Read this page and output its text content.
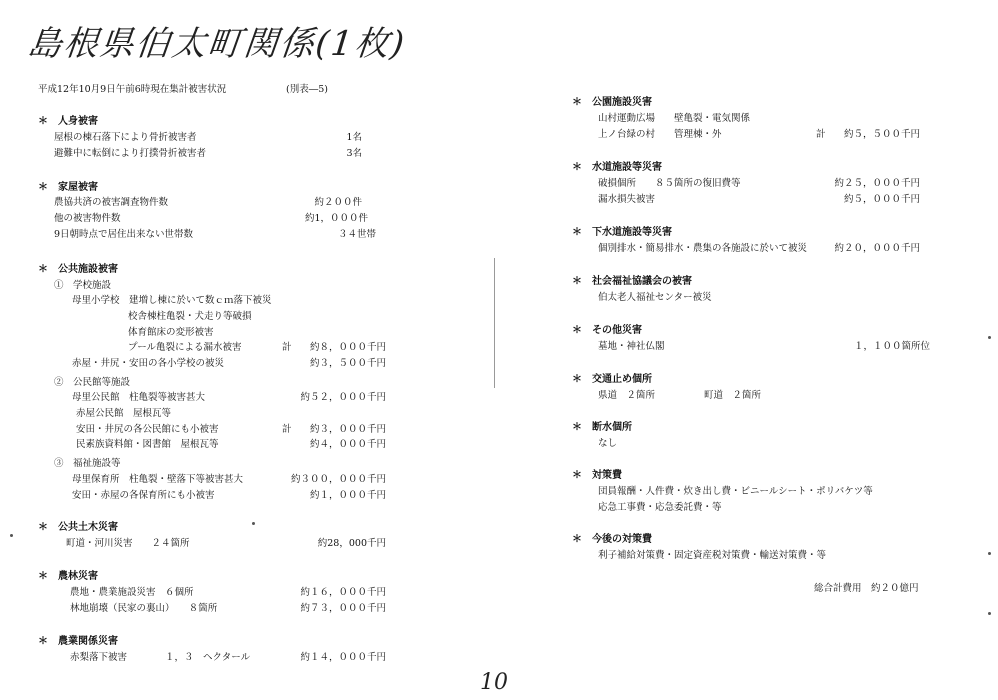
島根県伯太町関係(1枚)
10
平成12年10月9日午前6時現在集計被害状況	(別表―5)
＊　人身被害
屋根の棟石落下により骨折被害者	1名
避難中に転倒により打撲骨折被害者	3名
＊　家屋被害
農協共済の被害調査物件数	約２００件
他の被害物件数	約1，０００件
9日朝時点で居住出来ない世帯数	３４世帯
＊　公共施設被害
①　学校施設
母里小学校　建増し棟に於いて数ｃｍ落下被災
校舎棟柱亀裂・犬走り等破損
体育館床の変形被害
プール亀裂による漏水被害	計	約８，０００千円
赤屋・井尻・安田の各小学校の被災	約３，５００千円
②　公民館等施設
母里公民館　柱亀裂等被害甚大	約５２，０００千円
赤屋公民館　屋根瓦等
安田・井尻の各公民館にも小被害	計	約３，０００千円
民素族資料館・図書館　屋根瓦等	約４，０００千円
③　福祉施設等
母里保育所　柱亀裂・壁落下等被害甚大	約３００，０００千円
安田・赤屋の各保育所にも小被害	約１，０００千円
＊　公共土木災害
町道・河川災害　　２４箇所	約28，000千円
＊　農林災害
農地・農業施設災害　６個所	約１６，０００千円
林地崩壊（民家の裏山）　　８箇所	約７３，０００千円
＊　農業関係災害
赤梨落下被害　　　　１，３　ヘクタール	約１４，０００千円
＊　公園施設災害
山村運動広場　　壁亀裂・電気関係
上ノ台緑の村　　管理棟・外	計	約５，５００千円
＊　水道施設等災害
破損個所　　８５箇所の復旧費等	約２５，０００千円
漏水損失被害	約５，０００千円
＊　下水道施設等災害
個別排水・簡易排水・農集の各施設に於いて被災	約２０，０００千円
＊　社会福祉協議会の被害
伯太老人福祉センター被災
＊　その他災害
墓地・神社仏閣	１，１００箇所位
＊　交通止め個所
県道　２箇所	町道　２箇所
＊　断水個所
なし
＊　対策費
団員報酬・人件費・炊き出し費・ビニールシート・ポリバケツ等
応急工事費・応急委託費・等
＊　今後の対策費
利子補給対策費・固定資産税対策費・輸送対策費・等
総合計費用　約２０億円
